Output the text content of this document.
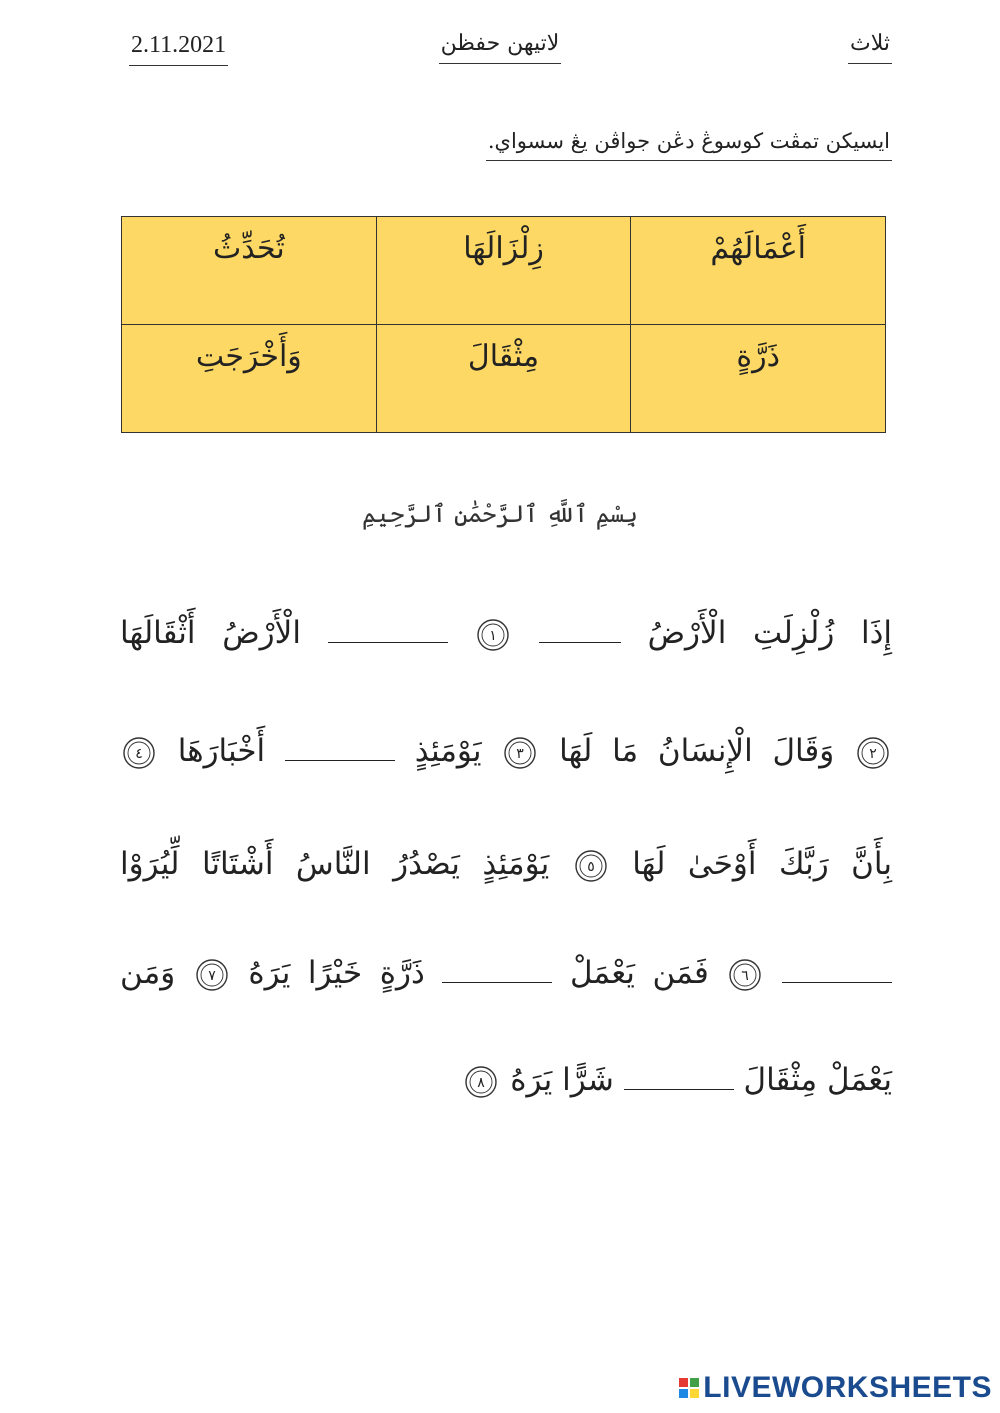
2.11.2021	لاتيهن حفظن	ثلاث
ايسيكن تمڤت كوسوڠ دڠن جواڤن يڠ سسواي.
أَعْمَالَهُمْ	زِلْزَالَهَا	تُحَدِّثُ
ذَرَّةٍ	مِثْقَالَ	وَأَخْرَجَتِ
بِسْمِ ٱللَّهِ ٱلرَّحْمَٰنِ ٱلرَّحِيمِ
إِذَا زُلْزِلَتِ الْأَرْضُ
١
الْأَرْضُ أَثْقَالَهَا
٢
وَقَالَ الْإِنسَانُ مَا لَهَا
٣
يَوْمَئِذٍ  أَخْبَارَهَا
٤
بِأَنَّ رَبَّكَ أَوْحَىٰ لَهَا
٥
يَوْمَئِذٍ يَصْدُرُ النَّاسُ أَشْتَاتًا لِّيُرَوْا

٦
فَمَن يَعْمَلْ  ذَرَّةٍ خَيْرًا يَرَهُ
٧
وَمَن
يَعْمَلْ مِثْقَالَ  شَرًّا يَرَهُ
٨
LIVEWORKSHEETS
